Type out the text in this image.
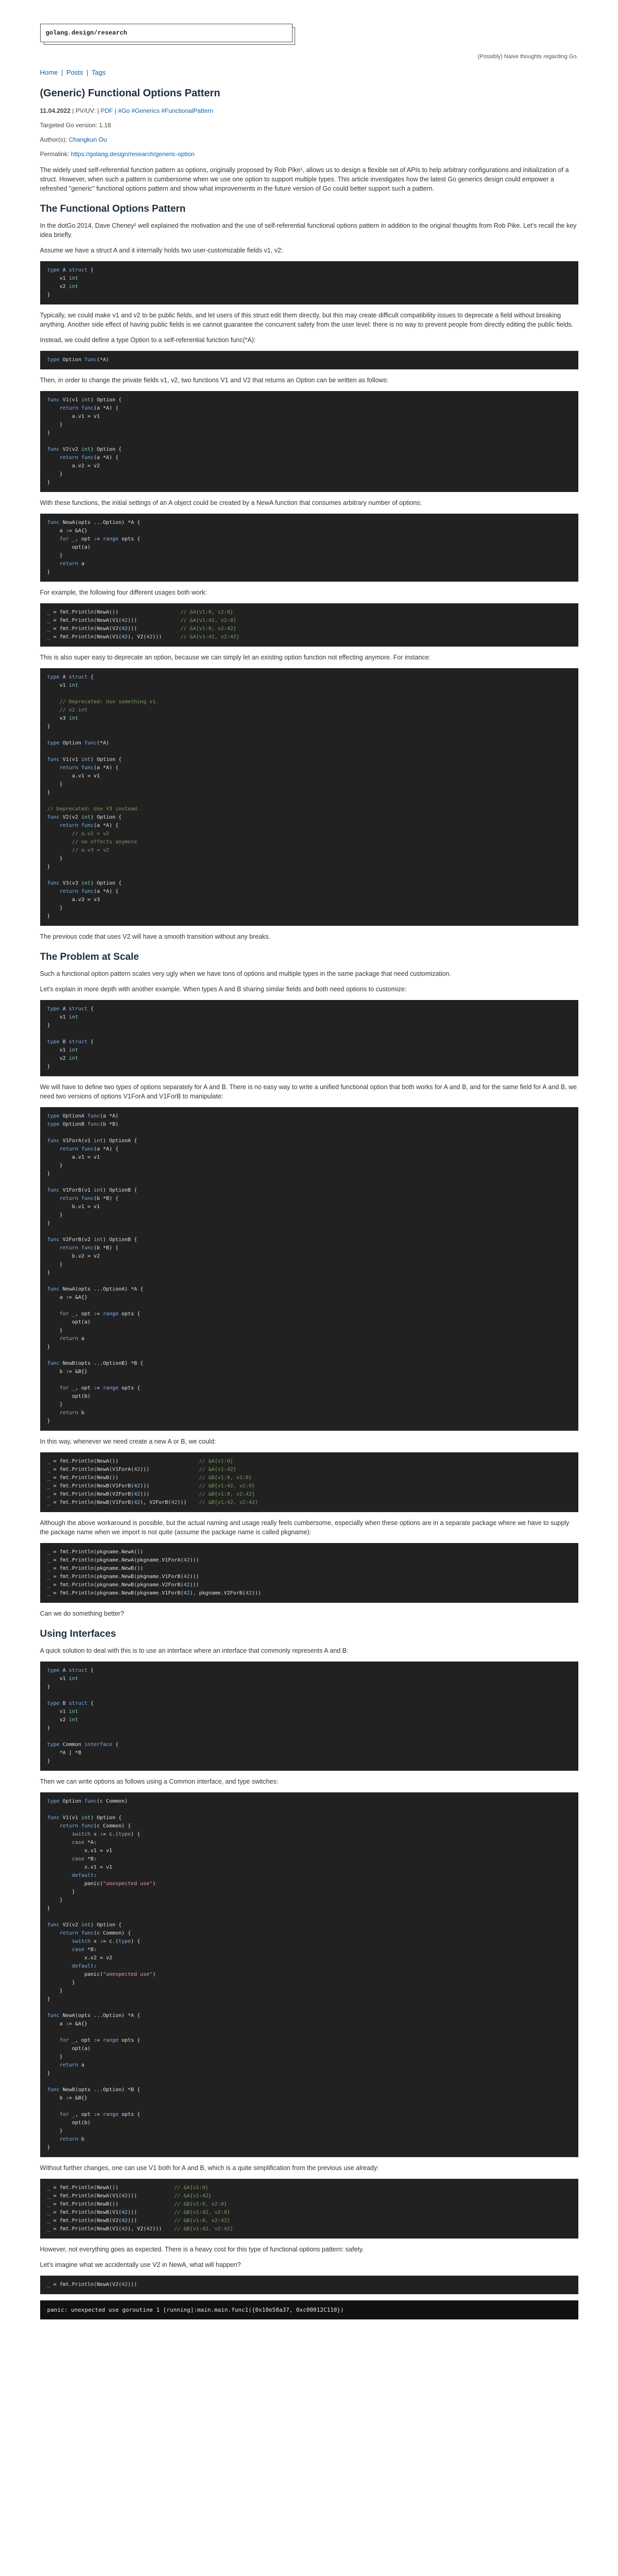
golang.design/research
(Possibly) Naive thoughts regarding Go.
Home | Posts | Tags
(Generic) Functional Options Pattern
11.04.2022 | PV/UV: | PDF | #Go #Generics #FunctionalPattern
Targeted Go version: 1.18
Author(s): Changkun Ou
Permalink: https://golang.design/research/generic-option

The widely used self-referential function pattern as options, originally proposed by Rob Pike¹, allows us to design a flexible set of APIs to help arbitrary configurations and initialization of a struct. However, when such a pattern is cumbersome when we use one option to support multiple types. This article investigates how the latest Go generics design could empower a refreshed "generic" functional options pattern and show what improvements in the future version of Go could better support such a pattern.

The Functional Options Pattern

In the dotGo 2014, Dave Cheney² well explained the motivation and the use of self-referential functional options pattern in addition to the original thoughts from Rob Pike. Let's recall the key idea briefly.

Assume we have a struct A and it internally holds two user-customizable fields v1, v2:

type A struct {
v1 int
v2 int
}

Typically, we could make v1 and v2 to be public fields, and let users of this struct edit them directly, but this may create difficult compatibility issues to deprecate a field without breaking anything. Another side effect of having public fields is we cannot guarantee the concurrent safety from the user level: there is no way to prevent people from directly editing the public fields.

Instead, we could define a type Option to a self-referential function func(*A):

type Option func(*A)

Then, in order to change the private fields v1, v2, two functions V1 and V2 that returns an Option can be written as follows:

func V1(v1 int) Option {
return func(a *A) {
a.v1 = v1
}
}

func V2(v2 int) Option {
return func(a *A) {
a.v2 = v2
}
}

With these functions, the initial settings of an A object could be created by a NewA function that consumes arbitrary number of options:

func NewA(opts ...Option) *A {
a := &A{}
for _, opt := range opts {
opt(a)
}
return a
}

For example, the following four different usages both work:

_ = fmt.Println(NewA())                    // &A{v1:0, v2:0}
_ = fmt.Println(NewA(V1(42)))              // &A{v1:42, v2:0}
_ = fmt.Println(NewA(V2(42)))              // &A{v1:0, v2:42}
_ = fmt.Println(NewA(V1(42), V2(42)))      // &A{v1:42, v2:42}

This is also super easy to deprecate an option, because we can simply let an existing option function not effecting anymore. For instance:

type A struct {
v1 int

// Deprecated: Use something v1.
// v2 int
v3 int
}

type Option func(*A)

func V1(v1 int) Option {
return func(a *A) {
a.v1 = v1
}
}

// Deprecated: Use V3 instead.
func V2(v2 int) Option {
return func(a *A) {
// a.v2 = v2
// no effects anymore
// a.v3 = v2
}
}

func V3(v3 int) Option {
return func(a *A) {
a.v3 = v3
}
}

The previous code that uses V2 will have a smooth transition without any breaks.

The Problem at Scale

Such a functional option pattern scales very ugly when we have tons of options and multiple types in the same package that need customization.

Let's explain in more depth with another example. When types A and B sharing similar fields and both need options to customize:

type A struct {
v1 int
}

type B struct {
v1 int
v2 int
}

We will have to define two types of options separately for A and B. There is no easy way to write a unified functional option that both works for A and B, and for the same field for A and B, we need two versions of options V1ForA and V1ForB to manipulate:

type OptionA func(a *A)
type OptionB func(b *B)

func V1ForA(v1 int) OptionA {
return func(a *A) {
a.v1 = v1
}
}

func V1ForB(v1 int) OptionB {
return func(b *B) {
b.v1 = v1
}
}

func V2ForB(v2 int) OptionB {
return func(b *B) {
b.v2 = v2
}
}

func NewA(opts ...OptionA) *A {
a := &A{}

for _, opt := range opts {
opt(a)
}
return a
}

func NewB(opts ...OptionB) *B {
b := &B{}

for _, opt := range opts {
opt(b)
}
return b
}

In this way, whenever we need create a new A or B, we could:

_ = fmt.Println(NewA())                          // &A{v1:0}
_ = fmt.Println(NewA(V1ForA(42)))                // &A{v1:42}
_ = fmt.Println(NewB())                          // &B{v1:0, v2:0}
_ = fmt.Println(NewB(V1ForB(42)))                // &B{v1:42, v2:0}
_ = fmt.Println(NewB(V2ForB(42)))                // &B{v1:0, v2:42}
_ = fmt.Println(NewB(V1ForB(42), V2ForB(42)))    // &B{v1:42, v2:42}

Although the above workaround is possible, but the actual naming and usage really feels cumbersome, especially when these options are in a separate package where we have to supply the package name when we import is not quite (assume the package name is called pkgname):

_ = fmt.Println(pkgname.NewA())
_ = fmt.Println(pkgname.NewA(pkgname.V1ForA(42)))
_ = fmt.Println(pkgname.NewB())
_ = fmt.Println(pkgname.NewB(pkgname.V1ForB(42)))
_ = fmt.Println(pkgname.NewB(pkgname.V2ForB(42)))
_ = fmt.Println(pkgname.NewB(pkgname.V1ForB(42), pkgname.V2ForB(42)))

Can we do something better?

Using Interfaces

A quick solution to deal with this is to use an interface where an interface that commonly represents A and B:

type A struct {
v1 int
}

type B struct {
v1 int
v2 int
}

type Common interface {
*A | *B
}

Then we can write options as follows using a Common interface, and type switches:

type Option func(c Common)

func V1(v1 int) Option {
return func(c Common) {
switch x := c.(type) {
case *A:
x.v1 = v1
case *B:
x.v1 = v1
default:
panic("unexpected use")
}
}
}

func V2(v2 int) Option {
return func(c Common) {
switch x := c.(type) {
case *B:
x.v2 = v2
default:
panic("unexpected use")
}
}
}

func NewA(opts ...Option) *A {
a := &A{}

for _, opt := range opts {
opt(a)
}
return a
}

func NewB(opts ...Option) *B {
b := &B{}

for _, opt := range opts {
opt(b)
}
return b
}

Without further changes, one can use V1 both for A and B, which is a quite simplification from the previous use already:

_ = fmt.Println(NewA())                  // &A{v1:0}
_ = fmt.Println(NewA(V1(42)))            // &A{v1:42}
_ = fmt.Println(NewB())                  // &B{v1:0, v2:0}
_ = fmt.Println(NewB(V1(42)))            // &B{v1:42, v2:0}
_ = fmt.Println(NewB(V2(42)))            // &B{v1:0, v2:42}
_ = fmt.Println(NewB(V1(42), V2(42)))    // &B{v1:42, v2:42}

However, not everything goes as expected. There is a heavy cost for this type of functional options pattern: safety.

Let's imagine what we accidentally use V2 in NewA, what will happen?

_ = fmt.Println(NewA(V2(42)))
panic: unexpected use goroutine 1 [running]:main.main.func1({0x10e58a37, 0xc00012C110})
